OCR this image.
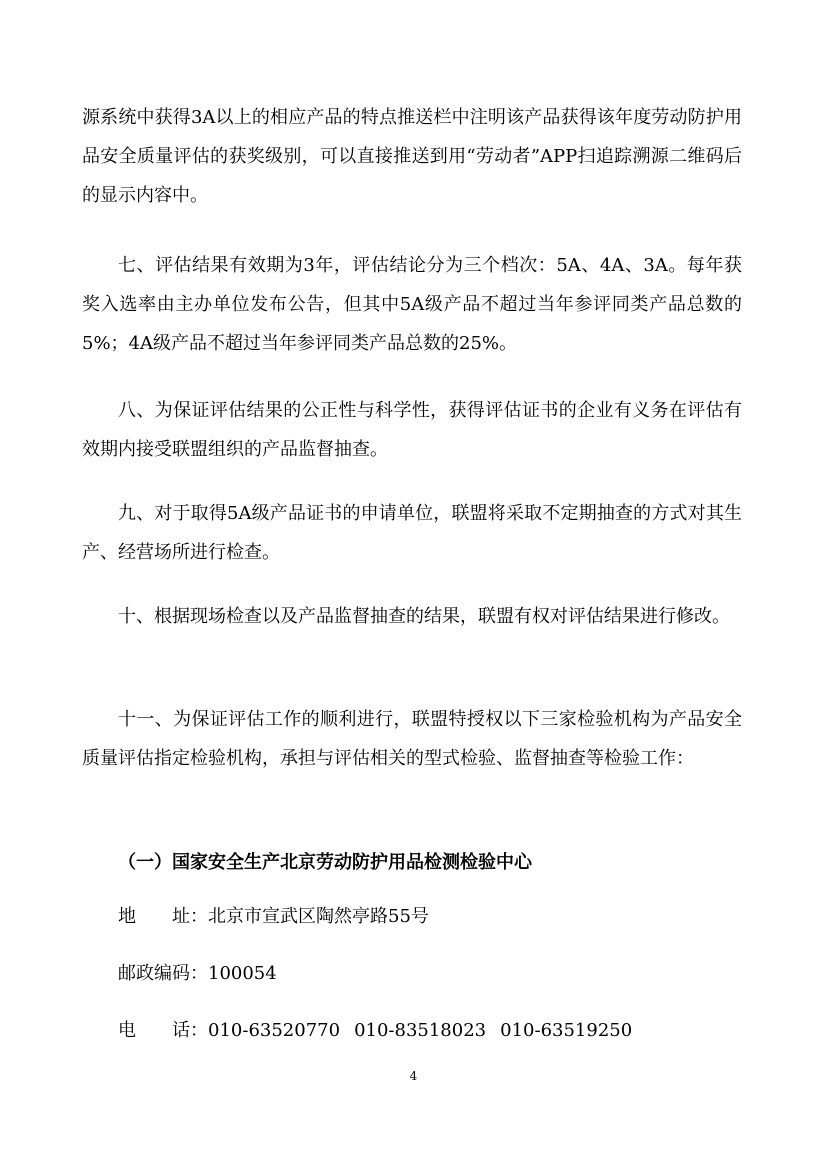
源系统中获得3A以上的相应产品的特点推送栏中注明该产品获得该年度劳动防护用品安全质量评估的获奖级别，可以直接推送到用“劳动者”APP扫追踪溯源二维码后的显示内容中。

七、评估结果有效期为3年，评估结论分为三个档次：5A、4A、3A。每年获奖入选率由主办单位发布公告，但其中5A级产品不超过当年参评同类产品总数的5%；4A级产品不超过当年参评同类产品总数的25%。

八、为保证评估结果的公正性与科学性，获得评估证书的企业有义务在评估有效期内接受联盟组织的产品监督抽查。

九、对于取得5A级产品证书的申请单位，联盟将采取不定期抽查的方式对其生产、经营场所进行检查。

十、根据现场检查以及产品监督抽查的结果，联盟有权对评估结果进行修改。

十一、为保证评估工作的顺利进行，联盟特授权以下三家检验机构为产品安全质量评估指定检验机构，承担与评估相关的型式检验、监督抽查等检验工作：

（一）国家安全生产北京劳动防护用品检测检验中心

地　　址：北京市宣武区陶然亭路55号

邮政编码：100054

电　　话：010-63520770 010-83518023 010-63519250

4
